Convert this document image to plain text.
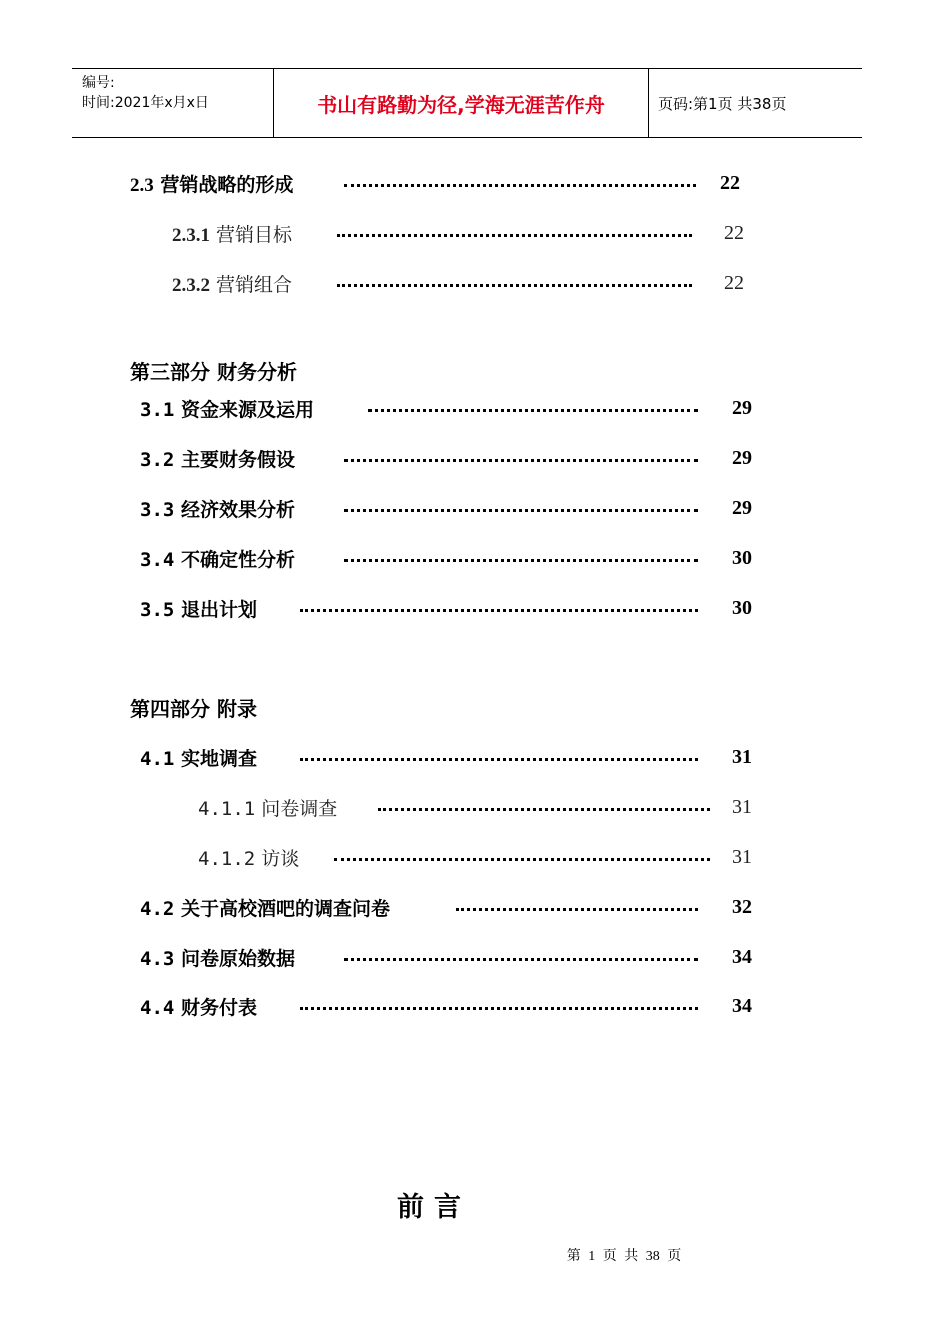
编号:
时间:2021年x月x日	书山有路勤为径,学海无涯苦作舟	页码:第1页 共38页
2.3 营销战略的形成	22
2.3.1 营销目标	22
2.3.2 营销组合	22
第三部分 财务分析
3.1 资金来源及运用	29
3.2 主要财务假设	29
3.3 经济效果分析	29
3.4 不确定性分析	30
3.5 退出计划	30
第四部分 附录
4.1 实地调查	31
4.1.1 问卷调查	31
4.1.2 访谈	31
4.2 关于高校酒吧的调查问卷	32
4.3 问卷原始数据	34
4.4 财务付表	34
前言
第 1 页 共 38 页
